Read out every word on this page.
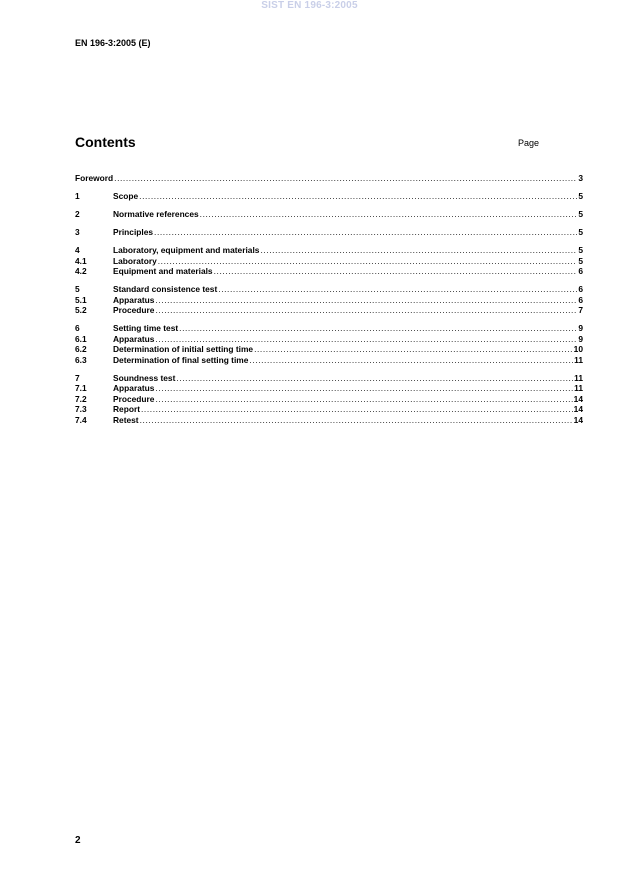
SIST EN 196-3:2005
EN 196-3:2005 (E)
Contents	Page
Foreword .....	3
1	Scope .....	5
2	Normative references .....	5
3	Principles .....	5
4	Laboratory, equipment and materials .....	5
4.1	Laboratory .....	5
4.2	Equipment and materials .....	6
5	Standard consistence test .....	6
5.1	Apparatus .....	6
5.2	Procedure .....	7
6	Setting time test .....	9
6.1	Apparatus .....	9
6.2	Determination of initial setting time .....	10
6.3	Determination of final setting time .....	11
7	Soundness test .....	11
7.1	Apparatus .....	11
7.2	Procedure .....	14
7.3	Report .....	14
7.4	Retest .....	14
2
